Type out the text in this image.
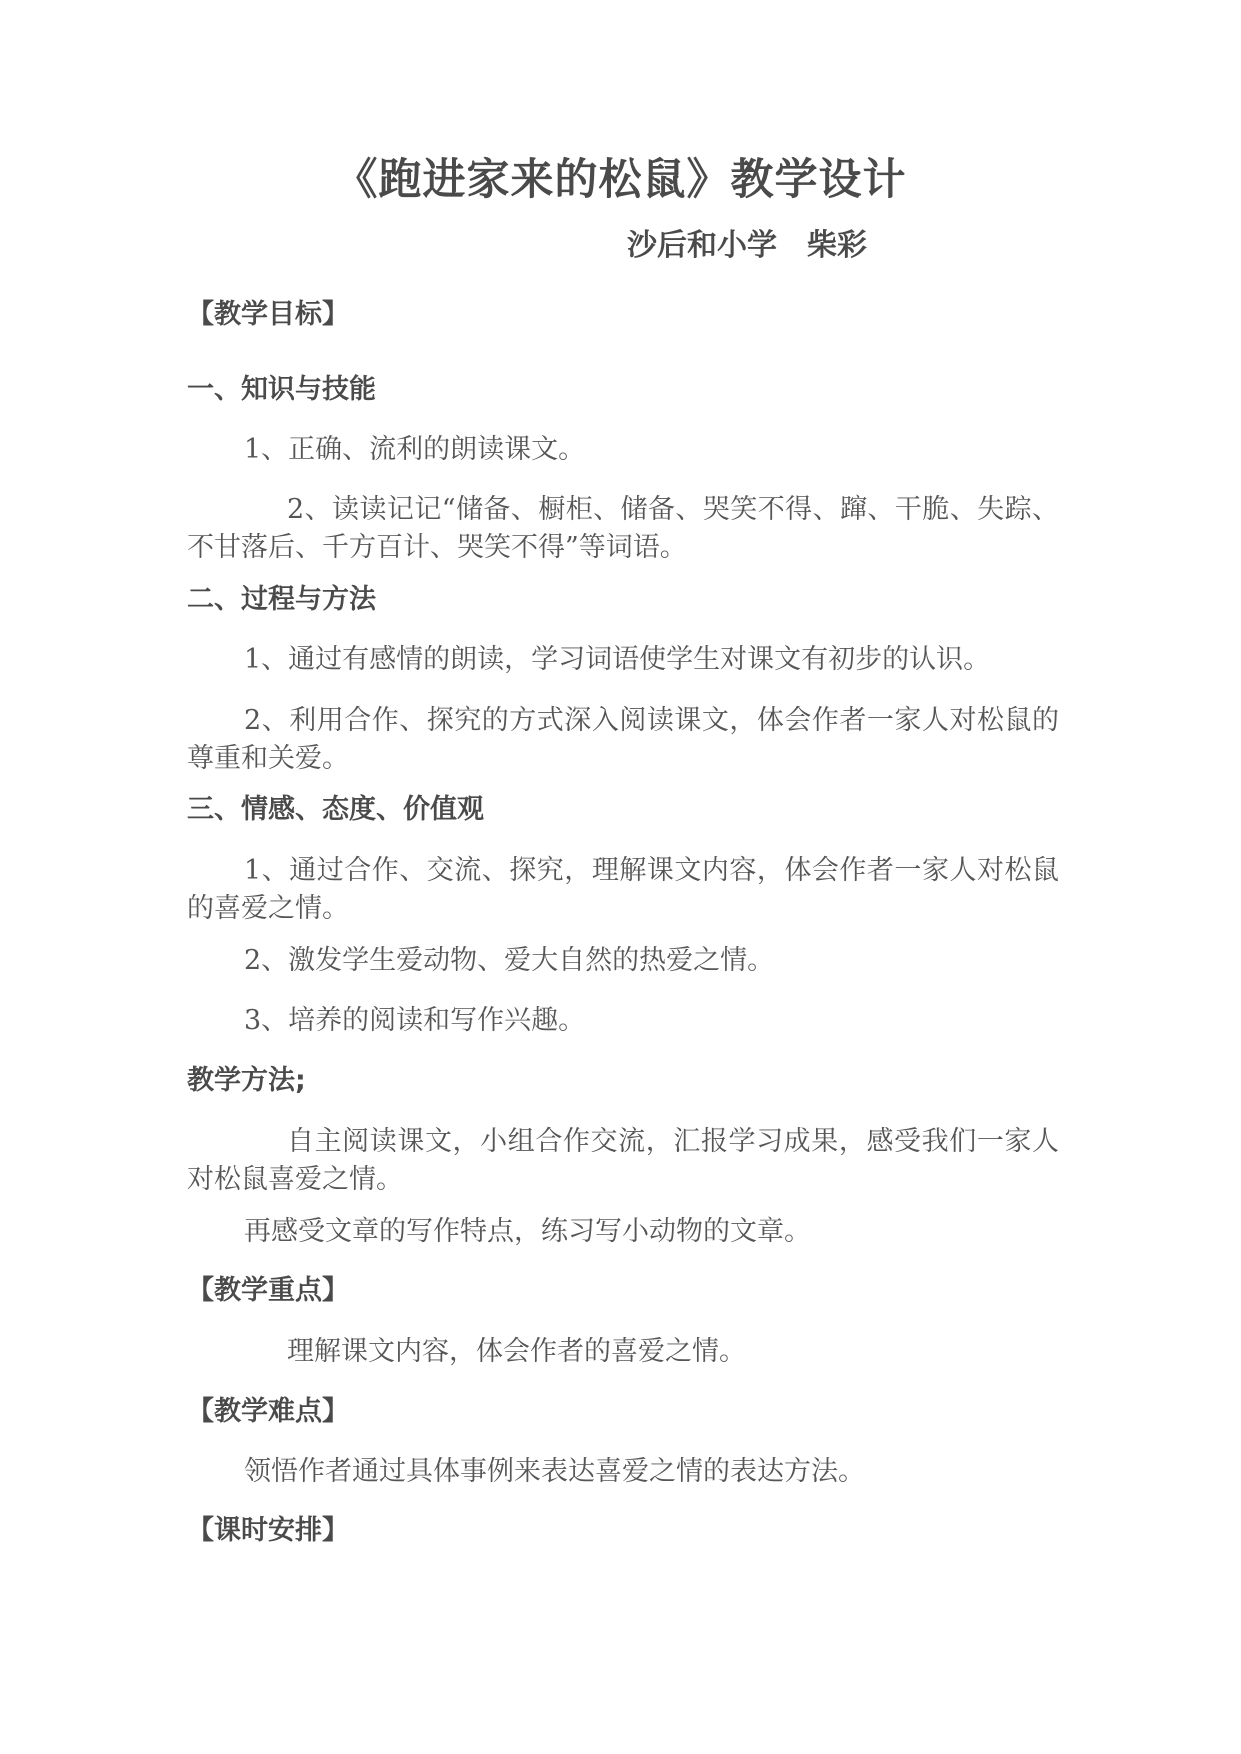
《跑进家来的松鼠》教学设计
沙后和小学　柴彩
【教学目标】
一、知识与技能
1、正确、流利的朗读课文。
2、读读记记“储备、橱柜、储备、哭笑不得、蹿、干脆、失踪、不甘落后、千方百计、哭笑不得”等词语。
二、过程与方法
1、通过有感情的朗读，学习词语使学生对课文有初步的认识。
2、利用合作、探究的方式深入阅读课文，体会作者一家人对松鼠的尊重和关爱。
三、情感、态度、价值观
1、通过合作、交流、探究，理解课文内容，体会作者一家人对松鼠的喜爱之情。
2、激发学生爱动物、爱大自然的热爱之情。
3、培养的阅读和写作兴趣。
教学方法;
自主阅读课文，小组合作交流，汇报学习成果，感受我们一家人对松鼠喜爱之情。
再感受文章的写作特点，练习写小动物的文章。
【教学重点】
理解课文内容，体会作者的喜爱之情。
【教学难点】
领悟作者通过具体事例来表达喜爱之情的表达方法。
【课时安排】
